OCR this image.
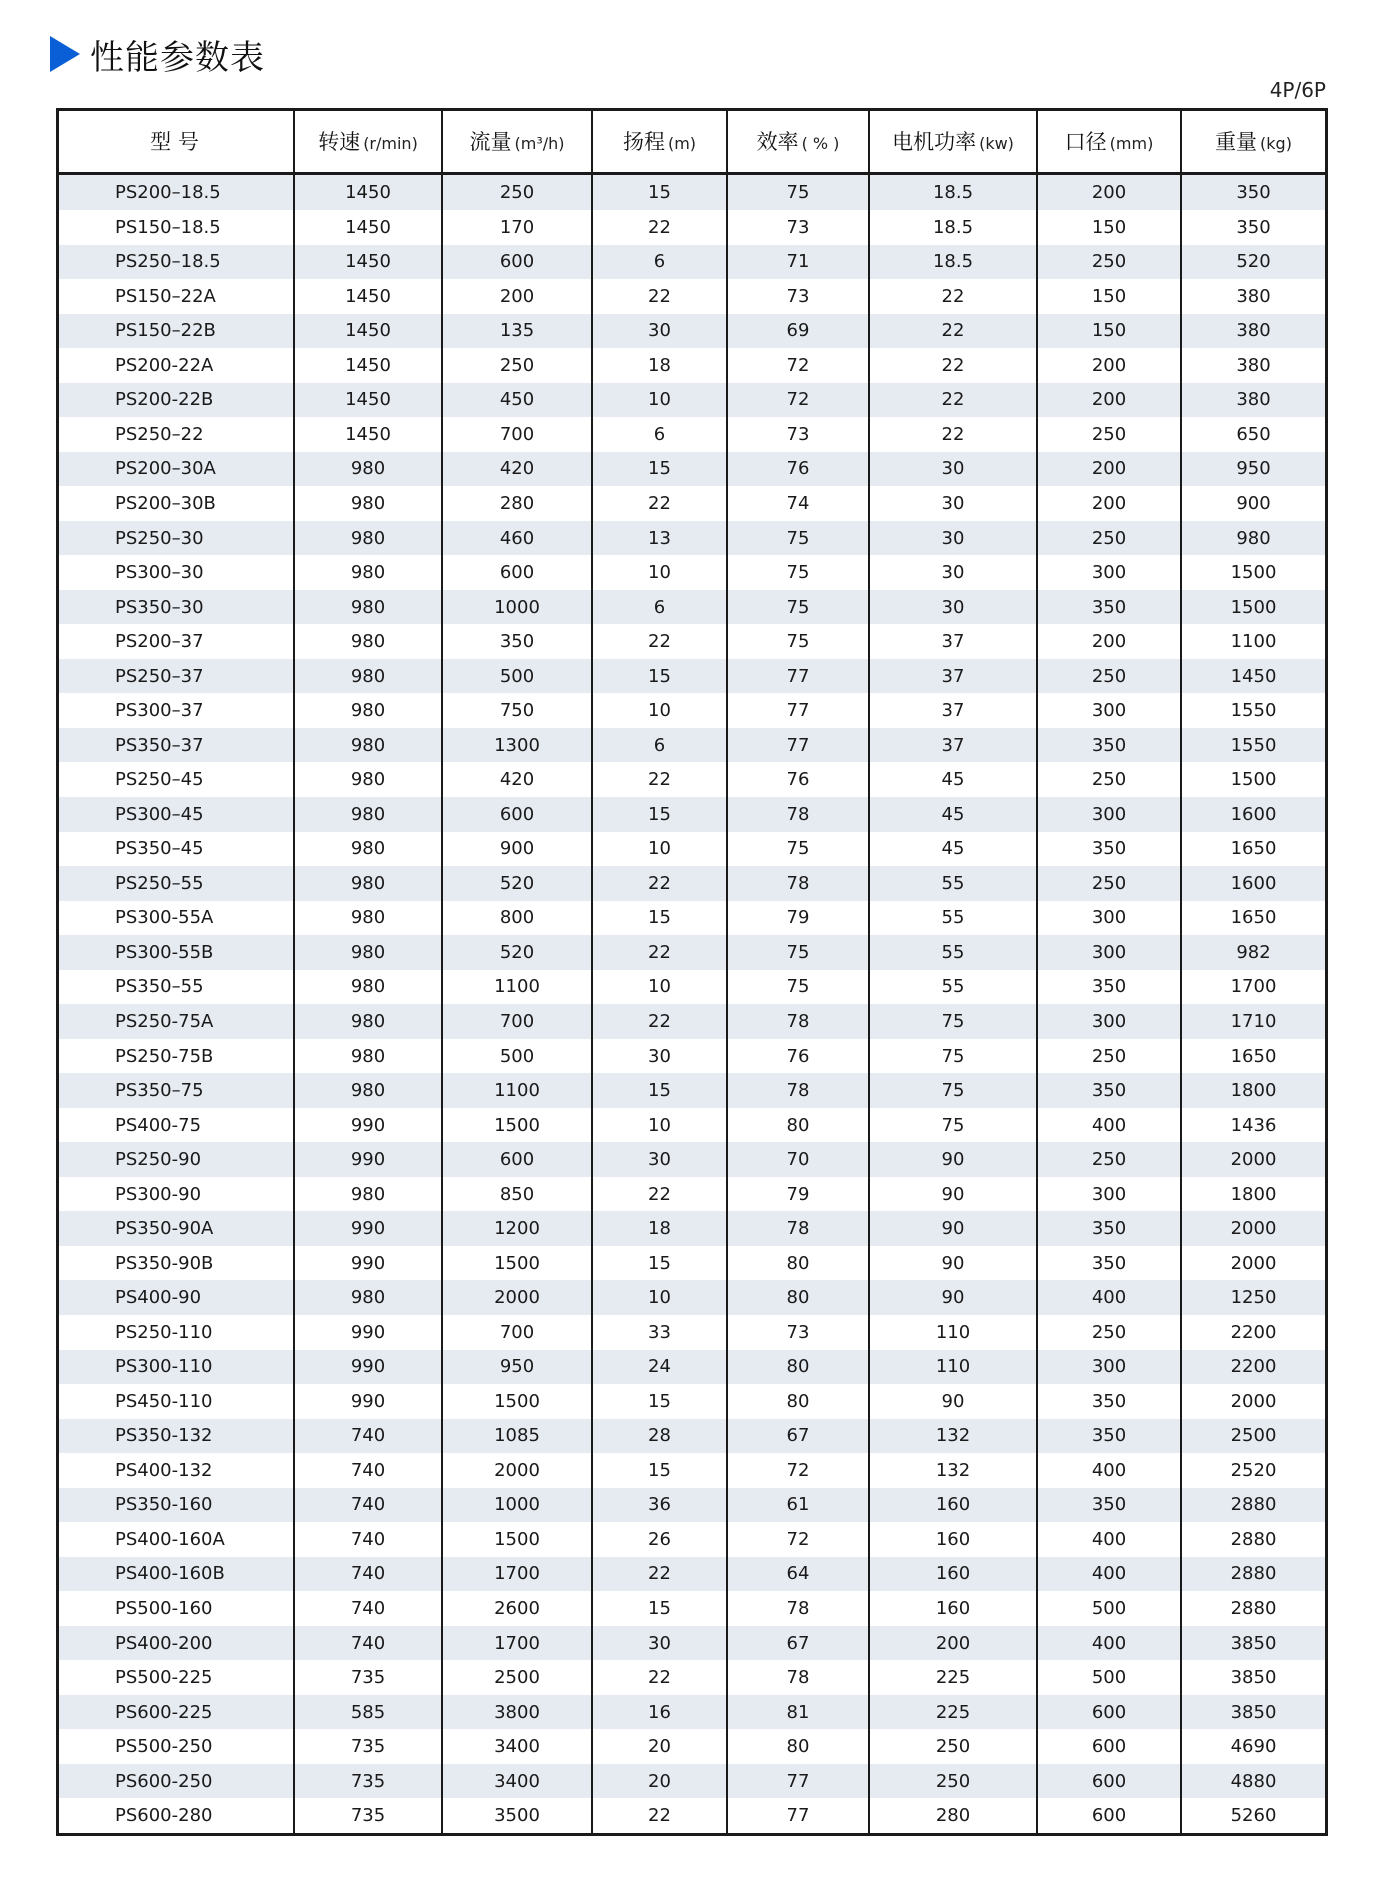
性能参数表
4P/6P
型 号	转速 (r/min)	流量 (m³/h)	扬程 (m)	效率 ( % )	电机功率 (kw)	口径 (mm)	重量 (kg)
PS200–18.5	1450	250	15	75	18.5	200	350
PS150–18.5	1450	170	22	73	18.5	150	350
PS250–18.5	1450	600	6	71	18.5	250	520
PS150–22A	1450	200	22	73	22	150	380
PS150–22B	1450	135	30	69	22	150	380
PS200-22A	1450	250	18	72	22	200	380
PS200-22B	1450	450	10	72	22	200	380
PS250–22	1450	700	6	73	22	250	650
PS200–30A	980	420	15	76	30	200	950
PS200–30B	980	280	22	74	30	200	900
PS250–30	980	460	13	75	30	250	980
PS300–30	980	600	10	75	30	300	1500
PS350–30	980	1000	6	75	30	350	1500
PS200–37	980	350	22	75	37	200	1100
PS250–37	980	500	15	77	37	250	1450
PS300–37	980	750	10	77	37	300	1550
PS350–37	980	1300	6	77	37	350	1550
PS250–45	980	420	22	76	45	250	1500
PS300–45	980	600	15	78	45	300	1600
PS350–45	980	900	10	75	45	350	1650
PS250–55	980	520	22	78	55	250	1600
PS300-55A	980	800	15	79	55	300	1650
PS300-55B	980	520	22	75	55	300	982
PS350–55	980	1100	10	75	55	350	1700
PS250-75A	980	700	22	78	75	300	1710
PS250-75B	980	500	30	76	75	250	1650
PS350–75	980	1100	15	78	75	350	1800
PS400-75	990	1500	10	80	75	400	1436
PS250-90	990	600	30	70	90	250	2000
PS300-90	980	850	22	79	90	300	1800
PS350-90A	990	1200	18	78	90	350	2000
PS350-90B	990	1500	15	80	90	350	2000
PS400-90	980	2000	10	80	90	400	1250
PS250-110	990	700	33	73	110	250	2200
PS300-110	990	950	24	80	110	300	2200
PS450-110	990	1500	15	80	90	350	2000
PS350-132	740	1085	28	67	132	350	2500
PS400-132	740	2000	15	72	132	400	2520
PS350-160	740	1000	36	61	160	350	2880
PS400-160A	740	1500	26	72	160	400	2880
PS400-160B	740	1700	22	64	160	400	2880
PS500-160	740	2600	15	78	160	500	2880
PS400-200	740	1700	30	67	200	400	3850
PS500-225	735	2500	22	78	225	500	3850
PS600-225	585	3800	16	81	225	600	3850
PS500-250	735	3400	20	80	250	600	4690
PS600-250	735	3400	20	77	250	600	4880
PS600-280	735	3500	22	77	280	600	5260
